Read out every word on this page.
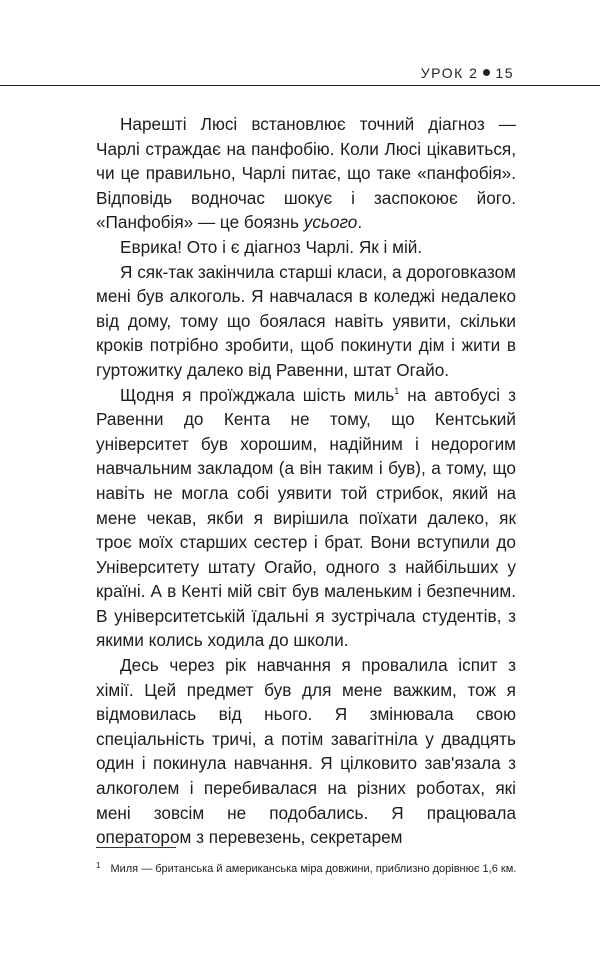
УРОК 2 15

Нарешті Люсі встановлює точний діагноз — Чарлі страждає на панфобію. Коли Люсі цікавиться, чи це правильно, Чарлі питає, що таке «панфобія». Відповідь водночас шокує і заспокоює його. «Панфобія» — це боязнь усього.

Еврика! Ото і є діагноз Чарлі. Як і мій.

Я сяк-так закінчила старші класи, а дороговказом мені був алкоголь. Я навчалася в коледжі недалеко від дому, тому що боялася навіть уявити, скільки кроків потрібно зробити, щоб покинути дім і жити в гуртожитку далеко від Равенни, штат Огайо.

Щодня я проїжджала шість миль$^1$ на автобусі з Равенни до Кента не тому, що Кентський університет був хорошим, надійним і недорогим навчальним закладом (а він таким і був), а тому, що навіть не могла собі уявити той стрибок, який на мене чекав, якби я вирішила поїхати далеко, як троє моїх старших сестер і брат. Вони вступили до Університету штату Огайо, одного з найбільших у країні. А в Кенті мій світ був маленьким і безпечним. В університетській їдальні я зустрічала студентів, з якими колись ходила до школи.

Десь через рік навчання я провалила іспит з хімії. Цей предмет був для мене важким, тож я відмовилась від нього. Я змінювала свою спеціальність тричі, а потім завагітніла у двадцять один і покинула навчання. Я цілковито зав'язала з алкоголем і перебивалася на різних роботах, які мені зовсім не подобались. Я працювала оператором з перевезень, секретарем

$^1$ Миля — британська й американська міра довжини, приблизно дорівнює 1,6 км.
